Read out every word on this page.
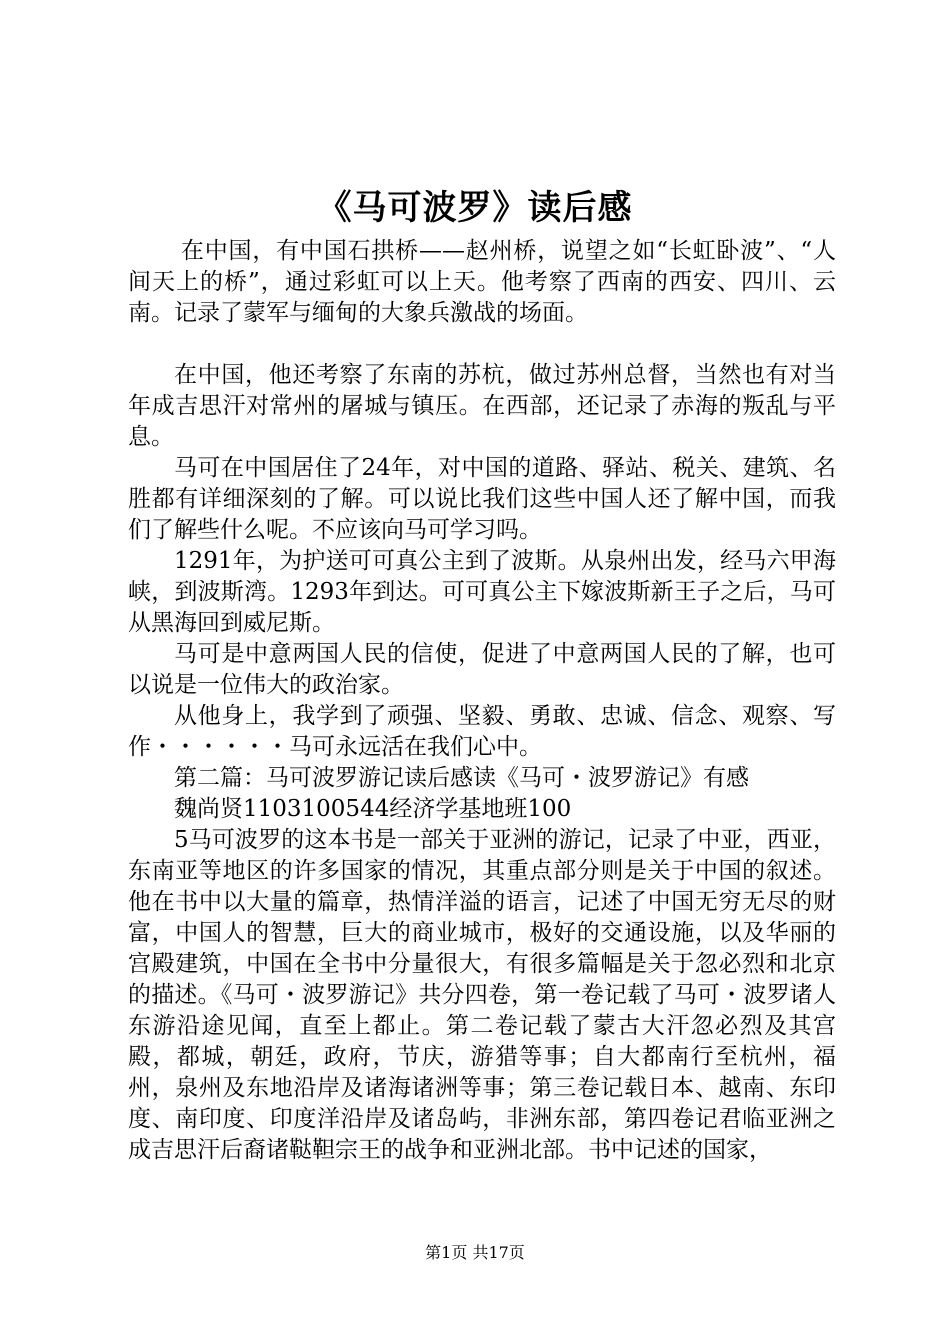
《马可波罗》读后感

在中国，有中国石拱桥——赵州桥，说望之如“长虹卧波”、“人间天上的桥”，通过彩虹可以上天。他考察了西南的西安、四川、云南。记录了蒙军与缅甸的大象兵激战的场面。

在中国，他还考察了东南的苏杭，做过苏州总督，当然也有对当年成吉思汗对常州的屠城与镇压。在西部，还记录了赤海的叛乱与平息。

马可在中国居住了24年，对中国的道路、驿站、税关、建筑、名胜都有详细深刻的了解。可以说比我们这些中国人还了解中国，而我们了解些什么呢。不应该向马可学习吗。

1291年，为护送可可真公主到了波斯。从泉州出发，经马六甲海峡，到波斯湾。1293年到达。可可真公主下嫁波斯新王子之后，马可从黑海回到威尼斯。

马可是中意两国人民的信使，促进了中意两国人民的了解，也可以说是一位伟大的政治家。

从他身上，我学到了顽强、坚毅、勇敢、忠诚、信念、观察、写作・・・・・・马可永远活在我们心中。

第二篇：马可波罗游记读后感读《马可・波罗游记》有感

魏尚贤1103100544经济学基地班100

5马可波罗的这本书是一部关于亚洲的游记，记录了中亚，西亚，东南亚等地区的许多国家的情况，其重点部分则是关于中国的叙述。他在书中以大量的篇章，热情洋溢的语言，记述了中国无穷无尽的财富，中国人的智慧，巨大的商业城市，极好的交通设施，以及华丽的宫殿建筑，中国在全书中分量很大，有很多篇幅是关于忽必烈和北京的描述。《马可・波罗游记》共分四卷，第一卷记载了马可・波罗诸人东游沿途见闻，直至上都止。第二卷记载了蒙古大汗忽必烈及其宫殿，都城，朝廷，政府，节庆，游猎等事；自大都南行至杭州，福州，泉州及东地沿岸及诸海诸洲等事；第三卷记载日本、越南、东印度、南印度、印度洋沿岸及诸岛屿，非洲东部，第四卷记君临亚洲之成吉思汗后裔诸鞑靼宗王的战争和亚洲北部。书中记述的国家，

第1页 共17页
